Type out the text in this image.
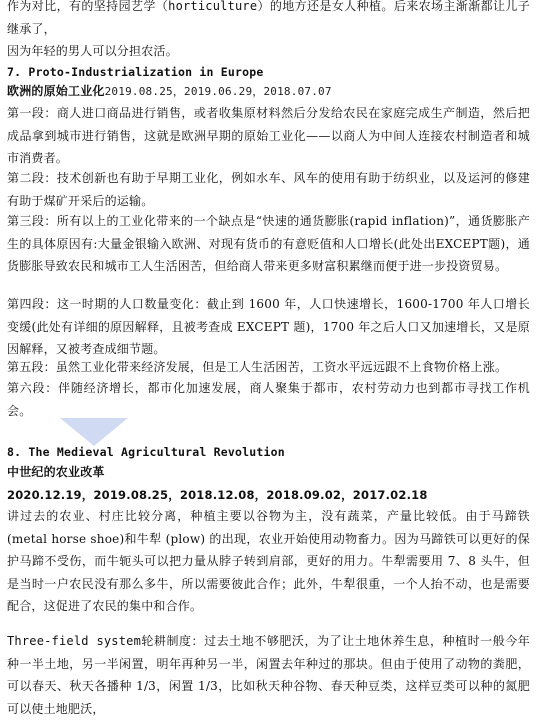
作为对比，有的坚持园艺学（horticulture）的地方还是女人种植。后来农场主渐渐都让儿子继承了，
因为年轻的男人可以分担农活。

7. Proto-Industrialization in Europe

欧洲的原始工业化2019.08.25，2019.06.29，2018.07.07

第一段：商人进口商品进行销售，或者收集原材料然后分发给农民在家庭完成生产制造，然后把成品拿到城市进行销售，这就是欧洲早期的原始工业化——以商人为中间人连接农村制造者和城市消费者。

第二段：技术创新也有助于早期工业化，例如水车、风车的使用有助于纺织业，以及运河的修建有助于煤矿开采后的运输。

第三段：所有以上的工业化带来的一个缺点是“快速的通货膨胀(rapid inflation)”，通货膨胀产生的具体原因有:大量金银输入欧洲、对现有货币的有意贬值和人口增长(此处出EXCEPT题)，通货膨胀导致农民和城市工人生活困苦，但给商人带来更多财富积累继而便于进一步投资贸易。

第四段：这一时期的人口数量变化：截止到 1600 年，人口快速增长，1600-1700 年人口增长变缓(此处有详细的原因解释，且被考查成 EXCEPT 题)，1700 年之后人口又加速增长，又是原因解释，又被考查成细节题。

第五段：虽然工业化带来经济发展，但是工人生活困苦，工资水平远远跟不上食物价格上涨。

第六段：伴随经济增长，都市化加速发展，商人聚集于都市，农村劳动力也到都市寻找工作机会。

8. The Medieval Agricultural Revolution

中世纪的农业改革

2020.12.19，2019.08.25，2018.12.08，2018.09.02，2017.02.18

讲过去的农业、村庄比较分离，种植主要以谷物为主，没有蔬菜，产量比较低。由于马蹄铁(metal horse shoe)和牛犁 (plow) 的出现，农业开始使用动物畜力。因为马蹄铁可以更好的保护马蹄不受伤，而牛轭头可以把力量从脖子转到肩部，更好的用力。牛犁需要用 7、8 头牛，但是当时一户农民没有那么多牛，所以需要彼此合作；此外，牛犁很重，一个人抬不动，也是需要配合，这促进了农民的集中和合作。

Three-field system轮耕制度：过去土地不够肥沃，为了让土地休养生息，种植时一般今年种一半土地，另一半闲置，明年再种另一半，闲置去年种过的那块。但由于使用了动物的粪肥，可以春天、秋天各播种 1/3，闲置 1/3，比如秋天种谷物、春天种豆类，这样豆类可以种的氮肥可以使土地肥沃，
